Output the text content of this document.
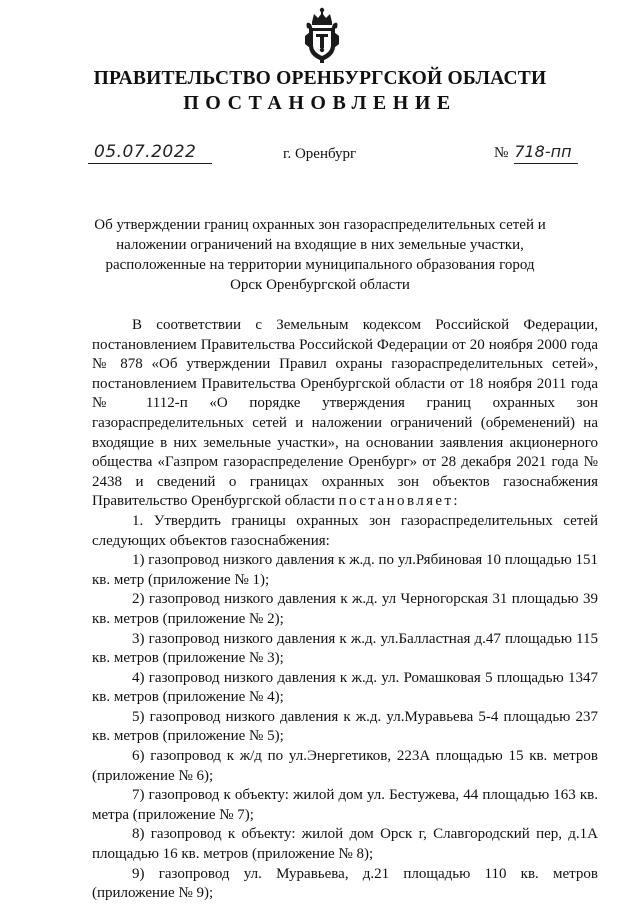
ПРАВИТЕЛЬСТВО ОРЕНБУРГСКОЙ ОБЛАСТИ
ПОСТАНОВЛЕНИЕ
05.07.2022	г. Оренбург	№ 718-пп
Об утверждении границ охранных зон газораспределительных сетей и наложении ограничений на входящие в них земельные участки, расположенные на территории муниципального образования город Орск Оренбургской области

В соответствии с Земельным кодексом Российской Федерации, постановлением Правительства Российской Федерации от 20 ноября 2000 года № 878 «Об утверждении Правил охраны газораспределительных сетей», постановлением Правительства Оренбургской области от 18 ноября 2011 года № 1112-п «О порядке утверждения границ охранных зон газораспределительных сетей и наложении ограничений (обременений) на входящие в них земельные участки», на основании заявления акционерного общества «Газпром газораспределение Оренбург» от 28 декабря 2021 года № 2438 и сведений о границах охранных зон объектов газоснабжения Правительство Оренбургской области постановляет:

1. Утвердить границы охранных зон газораспределительных сетей следующих объектов газоснабжения:

1) газопровод низкого давления к ж.д. по ул.Рябиновая 10 площадью 151 кв. метр (приложение № 1);

2) газопровод низкого давления к ж.д. ул Черногорская 31 площадью 39 кв. метров (приложение № 2);

3) газопровод низкого давления к ж.д. ул.Балластная д.47 площадью 115 кв. метров (приложение № 3);

4) газопровод низкого давления к ж.д. ул. Ромашковая 5 площадью 1347 кв. метров (приложение № 4);

5) газопровод низкого давления к ж.д. ул.Муравьева 5-4 площадью 237 кв. метров (приложение № 5);

6) газопровод к ж/д по ул.Энергетиков, 223А площадью 15 кв. метров (приложение № 6);

7) газопровод к объекту: жилой дом ул. Бестужева, 44 площадью 163 кв. метра (приложение № 7);

8) газопровод к объекту: жилой дом Орск г, Славгородский пер, д.1А площадью 16 кв. метров (приложение № 8);

9) газопровод ул. Муравьева, д.21 площадью 110 кв. метров (приложение № 9);
